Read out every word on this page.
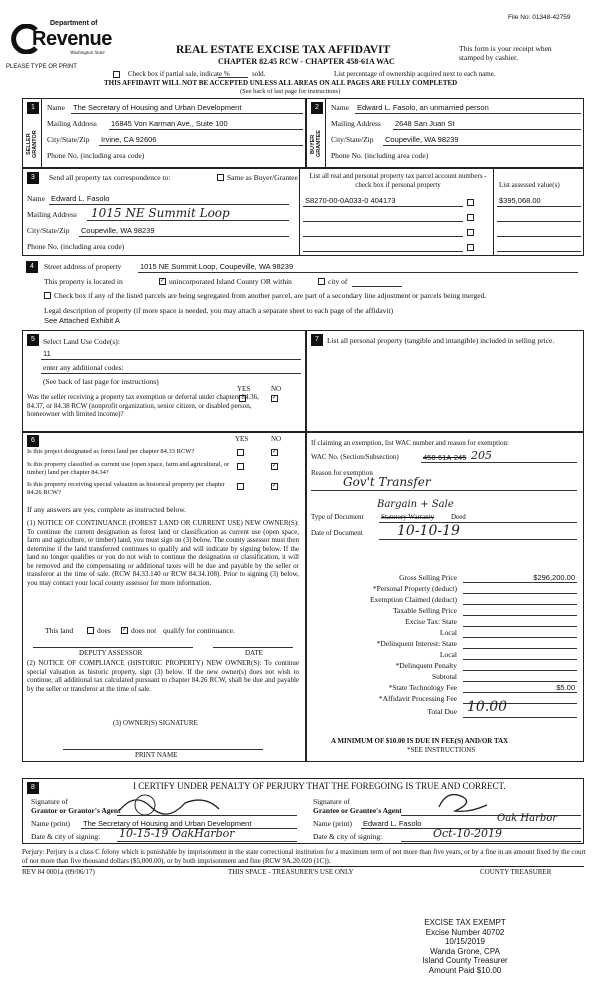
File No: 01348-42759
Department of
Revenue
Washington State
PLEASE TYPE OR PRINT
REAL ESTATE EXCISE TAX AFFIDAVIT
CHAPTER 82.45 RCW - CHAPTER 458-61A WAC
This form is your receipt when stamped by cashier.
Check box if partial sale, indicate %	sold.	List percentage of ownership acquired next to each name.
THIS AFFIDAVIT WILL NOT BE ACCEPTED UNLESS ALL AREAS ON ALL PAGES ARE FULLY COMPLETED
(See back of last page for instructions)
1
SELLER GRANTOR
Name The Secretary of Housing and Urban Development
Mailing Address 16845 Von Karman Ave., Suite 100
City/State/Zip Irvine, CA 92606
Phone No. (including area code)
2
BUYER GRANTEE
Name Edward L. Fasolo, an unmarried person
Mailing Address 2648 San Juan St
City/State/Zip Coupeville, WA 98239
Phone No. (including area code)
3	Send all property tax correspondence to:	Same as Buyer/Grantee
Name Edward L. Fasolo
Mailing Address 1015 NE Summit Loop
City/State/Zip Coupeville, WA 98239
Phone No. (including area code)
List all real and personal property tax parcel account numbers - check box if personal property	List assessed value(s)
S8270-00-0A033-0 404173	$395,068.00
4	Street address of property 1015 NE Summit Loop, Coupeville, WA 98239
This property is located in	✓ unincorporated Island County OR within	city of
Check box if any of the listed parcels are being segregated from another parcel, are part of a secondary line adjustment or parcels being merged.
Legal description of property (if more space is needed, you may attach a separate sheet to each page of the affidavit)
See Attached Exhibit A
5	Select Land Use Code(s):
11
enter any additional codes:
(See back of last page for instructions)
YES	NO
Was the seller receiving a property tax exemption or deferral under chapters 84.36, 84.37, or 84.38 RCW (nonprofit organization, senior citizen, or disabled person, homeowner with limited income)?
✓
7	List all personal property (tangible and intangible) included in selling price.
6	YES	NO
Is this project designated as forest land per chapter 84.33 RCW?	✓
Is this property classified as current use (open space, farm and agricultural, or timber) land per chapter 84.34?
✓
Is this property receiving special valuation as historical property per chapter 84.26 RCW?
✓
If any answers are yes, complete as instructed below.
(1) NOTICE OF CONTINUANCE (FOREST LAND OR CURRENT USE) NEW OWNER(S): To continue the current designation as forest land or classification as current use (open space, farm and agriculture, or timber) land, you must sign on (3) below. The county assessor must then determine if the land transferred continues to qualify and will indicate by signing below. If the land no longer qualifies or you do not wish to continue the designation or classification, it will be removed and the compensating or additional taxes will be due and payable by the seller or transferor at the time of sale. (RCW 84.33.140 or RCW 84.34.108). Prior to signing (3) below, you may contact your local county assessor for more information.
This land	does ✓ does not qualify for continuance.
DEPUTY ASSESSOR	DATE
(2) NOTICE OF COMPLIANCE (HISTORIC PROPERTY) NEW OWNER(S): To continue special valuation as historic property, sign (3) below. If the new owner(s) does not wish to continue, all additional tax calculated pursuant to chapter 84.26 RCW, shall be due and payable by the seller or transferor at the time of sale.
(3) OWNER(S) SIGNATURE
PRINT NAME
If claiming an exemption, list WAC number and reason for exemption:
WAC No. (Section/Subsection)	458-61A-245 205
Reason for exemption
Gov't Transfer
Bargain + Sale
Type of Document	Statutory Warranty Deed
Date of Document 10-10-19
Gross Selling Price	$296,200.00
*Personal Property (deduct)
Exemption Claimed (deduct)
Taxable Selling Price
Excise Tax: State
Local
*Delinquent Interest: State
Local
*Delinquent Penalty
Subtotal
*State Technology Fee	$5.00
*Affidavit Processing Fee
Total Due 10.00
A MINIMUM OF $10.00 IS DUE IN FEE(S) AND/OR TAX
*SEE INSTRUCTIONS
8	I CERTIFY UNDER PENALTY OF PERJURY THAT THE FOREGOING IS TRUE AND CORRECT.
Signature of
Grantor or Grantor's Agent
Name (print) The Secretary of Housing and Urban Development
Date & city of signing: 10-15-19 OakHarbor
Signature of
Grantee or Grantee's Agent
Name (print) Edward L. Fasolo	Oak Harbor
Date & city of signing:	Oct-10-2019
Perjury: Perjury is a class C felony which is punishable by imprisonment in the state correctional institution for a maximum term of not more than five years, or by a fine in an amount fixed by the court of not more than five thousand dollars ($5,000.00), or by both imprisonment and fine (RCW 9A.20.020 (1C)).
REV 84 0001a (09/06/17)	THIS SPACE - TREASURER'S USE ONLY	COUNTY TREASURER
EXCISE TAX EXEMPT
Excise Number 40702
10/15/2019
Wanda Grone, CPA
Island County Treasurer
Amount Paid $10.00
